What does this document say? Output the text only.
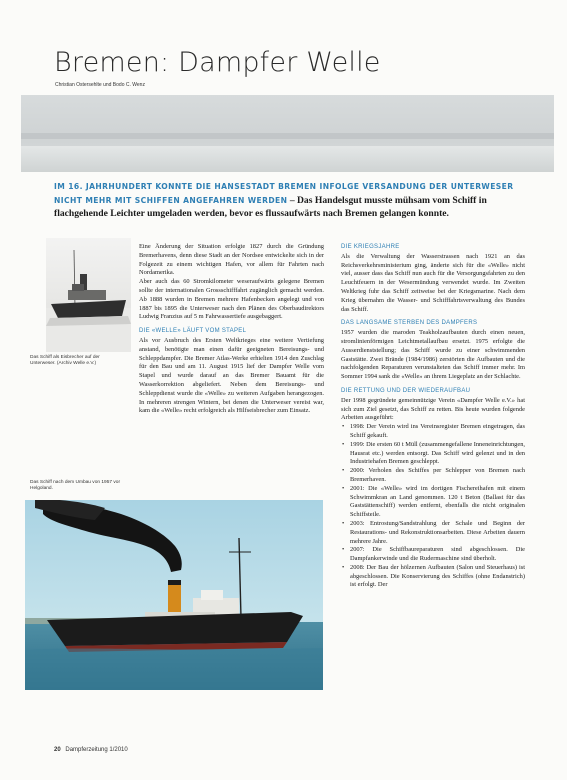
Bremen: Dampfer Welle
Christian Ostersehlte und Bodo C. Wenz
IM 16. JAHRHUNDERT KONNTE DIE HANSESTADT BREMEN INFOLGE VERSANDUNG DER UNTERWESER NICHT MEHR MIT SCHIFFEN ANGEFAHREN WERDEN – Das Handelsgut musste mühsam vom Schiff in flachgehende Leichter umgeladen werden, bevor es flussaufwärts nach Bremen gelangen konnte.
Das Schiff als Eisbrecher auf der Unterweser. (Archiv Welle e.V.)
Das Schiff nach dem Umbau von 1957 vor Helgoland.

Eine Änderung der Situation erfolgte 1827 durch die Gründung Bremerhavens, denn diese Stadt an der Nordsee entwickelte sich in der Folgezeit zu einem wichtigen Hafen, vor allem für Fahrten nach Nordamerika.

Aber auch das 60 Stromkilometer weseraufwärts gelegene Bremen sollte der internationalen Grossschifffahrt zugänglich gemacht werden. Ab 1888 wurden in Bremen mehrere Hafenbecken angelegt und von 1887 bis 1895 die Unterweser nach den Plänen des Oberbaudirektors Ludwig Franzius auf 5 m Fahrwassertiefe ausgebaggert.

DIE «WELLE» LÄUFT VOM STAPEL

Als vor Ausbruch des Ersten Weltkrieges eine weitere Vertiefung anstand, benötigte man einen dafür geeigneten Bereisungs- und Schleppdampfer. Die Bremer Atlas-Werke erhielten 1914 den Zuschlag für den Bau und am 11. August 1915 lief der Dampfer Welle vom Stapel und wurde darauf an das Bremer Bauamt für die Wasserkorrektion abgeliefert. Neben dem Bereisungs- und Schleppdienst wurde die «Welle» zu weiteren Aufgaben herangezogen. In mehreren strengen Wintern, bei denen die Unterweser vereist war, kam die «Welle» recht erfolgreich als Hilfseisbrecher zum Einsatz.

DIE KRIEGSJAHRE

Als die Verwaltung der Wasserstrassen nach 1921 an das Reichsverkehrsministerium ging, änderte sich für die «Welle» nicht viel, ausser dass das Schiff nun auch für die Versorgungsfahrten zu den Leuchtfeuern in der Wesermündung verwendet wurde. Im Zweiten Weltkrieg fuhr das Schiff zeitweise bei der Kriegsmarine. Nach dem Krieg übernahm die Wasser- und Schifffahrtsverwaltung des Bundes das Schiff.

DAS LANGSAME STERBEN DES DAMPFERS

1957 wurden die maroden Teakholzaufbauten durch einen neuen, stromlinienförmigen Leichtmetallaufbau ersetzt. 1975 erfolgte die Ausserdienststellung; das Schiff wurde zu einer schwimmenden Gaststätte. Zwei Brände (1984/1986) zerstörten die Aufbauten und die nachfolgenden Reparaturen verunstalteten das Schiff immer mehr. Im Sommer 1994 sank die «Welle» an ihrem Liegeplatz an der Schlachte.

DIE RETTUNG UND DER WIEDERAUFBAU

Der 1998 gegründete gemeinnützige Verein «Dampfer Welle e.V.» hat sich zum Ziel gesetzt, das Schiff zu retten. Bis heute wurden folgende Arbeiten ausgeführt:

• 1998: Der Verein wird ins Vereinsregister Bremen eingetragen, das Schiff gekauft.
• 1999: Die ersten 60 t Müll (zusammengefallene Inneneinrichtungen, Hausrat etc.) werden entsorgt. Das Schiff wird gelenzt und in den Industriehafen Bremen geschleppt.
• 2000: Verholen des Schiffes per Schlepper von Bremen nach Bremerhaven.
• 2001: Die «Welle» wird im dortigen Fischereihafen mit einem Schwimmkran an Land genommen. 120 t Beton (Ballast für das Gaststättenschiff) werden entfernt, ebenfalls die nicht originalen Schiffsteile.
• 2003: Entrostung/Sandstrahlung der Schale und Beginn der Restaurations- und Rekonstruktionsarbeiten. Diese Arbeiten dauern mehrere Jahre.
• 2007: Die Schiffbaureparaturen sind abgeschlossen. Die Dampfankerwinde und die Rudermaschine sind überholt.
• 2008: Der Bau der hölzernen Aufbauten (Salon und Steuerhaus) ist abgeschlossen. Die Konservierung des Schiffes (ohne Endanstrich) ist erfolgt. Der
20 Dampferzeitung 1/2010
